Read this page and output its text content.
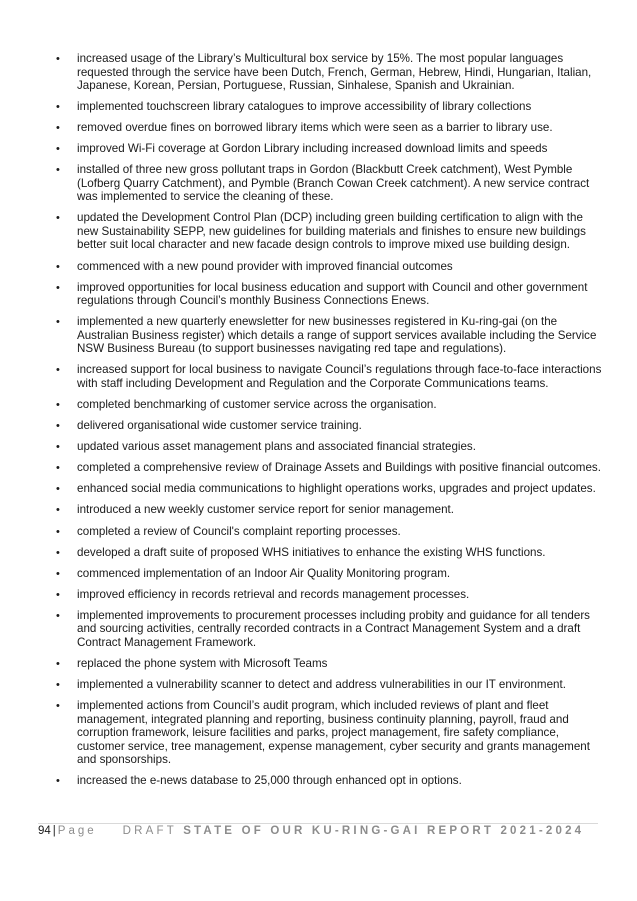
• increased usage of the Library’s Multicultural box service by 15%. The most popular languages requested through the service have been Dutch, French, German, Hebrew, Hindi, Hungarian, Italian, Japanese, Korean, Persian, Portuguese, Russian, Sinhalese, Spanish and Ukrainian.
• implemented touchscreen library catalogues to improve accessibility of library collections
• removed overdue fines on borrowed library items which were seen as a barrier to library use.
• improved Wi-Fi coverage at Gordon Library including increased download limits and speeds
• installed of three new gross pollutant traps in Gordon (Blackbutt Creek catchment), West Pymble (Lofberg Quarry Catchment), and Pymble (Branch Cowan Creek catchment). A new service contract was implemented to service the cleaning of these.
• updated the Development Control Plan (DCP) including green building certification to align with the new Sustainability SEPP, new guidelines for building materials and finishes to ensure new buildings better suit local character and new facade design controls to improve mixed use building design.
• commenced with a new pound provider with improved financial outcomes
• improved opportunities for local business education and support with Council and other government regulations through Council’s monthly Business Connections Enews.
• implemented a new quarterly enewsletter for new businesses registered in Ku-ring-gai (on the Australian Business register) which details a range of support services available including the Service NSW Business Bureau (to support businesses navigating red tape and regulations).
• increased support for local business to navigate Council’s regulations through face-to-face interactions with staff including Development and Regulation and the Corporate Communications teams.
• completed benchmarking of customer service across the organisation.
• delivered organisational wide customer service training.
• updated various asset management plans and associated financial strategies.
• completed a comprehensive review of Drainage Assets and Buildings with positive financial outcomes.
• enhanced social media communications to highlight operations works, upgrades and project updates.
• introduced a new weekly customer service report for senior management.
• completed a review of Council's complaint reporting processes.
• developed a draft suite of proposed WHS initiatives to enhance the existing WHS functions.
• commenced implementation of an Indoor Air Quality Monitoring program.
• improved efficiency in records retrieval and records management processes.
• implemented improvements to procurement processes including probity and guidance for all tenders and sourcing activities, centrally recorded contracts in a Contract Management System and a draft Contract Management Framework.
• replaced the phone system with Microsoft Teams
• implemented a vulnerability scanner to detect and address vulnerabilities in our IT environment.
• implemented actions from Council’s audit program, which included reviews of plant and fleet management, integrated planning and reporting, business continuity planning, payroll, fraud and corruption framework, leisure facilities and parks, project management, fire safety compliance, customer service, tree management, expense management, cyber security and grants management and sponsorships.
• increased the e-news database to 25,000 through enhanced opt in options.
94 | Page DRAFT STATE OF OUR KU-RING-GAI REPORT 2021-2024
